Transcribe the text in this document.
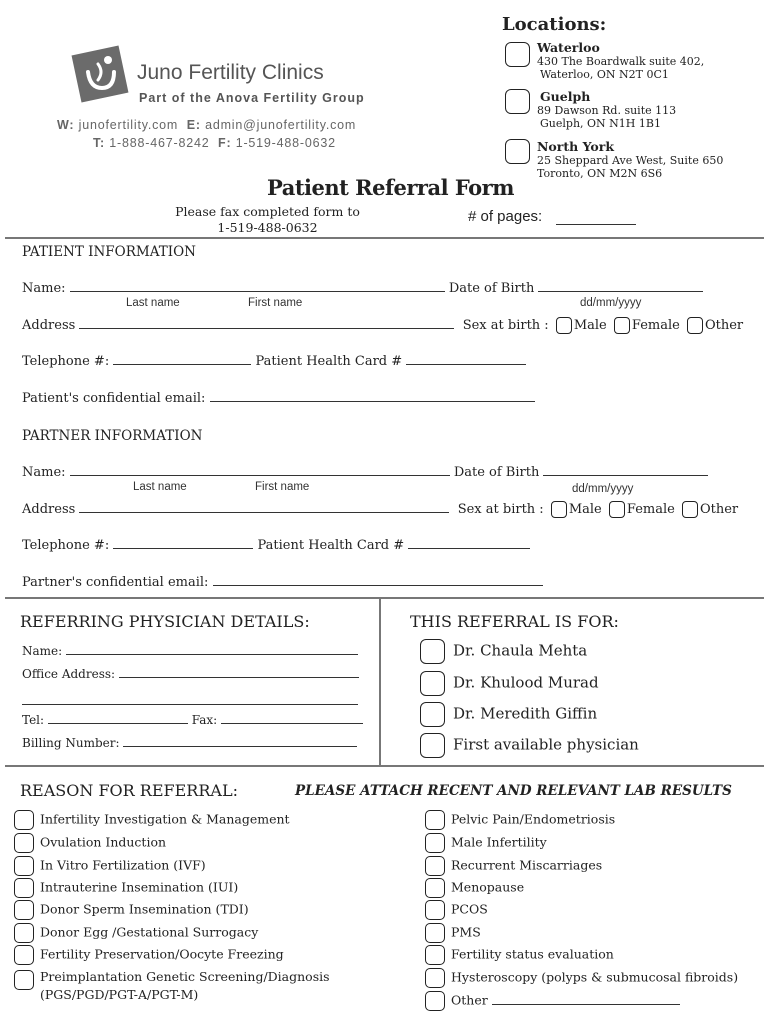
Juno Fertility Clinics
Part of the Anova Fertility Group
W: junofertility.com E: admin@junofertility.com
T: 1-888-467-8242 F: 1-519-488-0632
Locations:
Waterloo
430 The Boardwalk suite 402,
Waterloo, ON N2T 0C1
Guelph
89 Dawson Rd. suite 113
Guelph, ON N1H 1B1
North York
25 Sheppard Ave West, Suite 650
Toronto, ON M2N 6S6
Patient Referral Form
Please fax completed form to
1-519-488-0632
# of pages:
PATIENT INFORMATION
Name:	Date of Birth
Last name	First name	dd/mm/yyyy
Address	Sex at birth : Male Female Other
Telephone #:	Patient Health Card #
Patient's confidential email:
PARTNER INFORMATION
Name:	Date of Birth
Last name	First name	dd/mm/yyyy
Address	Sex at birth : Male Female Other
Telephone #:	Patient Health Card #
Partner's confidential email:
REFERRING PHYSICIAN DETAILS:
Name:
Office Address:
Tel:	Fax:
Billing Number:
THIS REFERRAL IS FOR:
Dr. Chaula Mehta
Dr. Khulood Murad
Dr. Meredith Giffin
First available physician
REASON FOR REFERRAL:	PLEASE ATTACH RECENT AND RELEVANT LAB RESULTS
Infertility Investigation & Management
Ovulation Induction
In Vitro Fertilization (IVF)
Intrauterine Insemination (IUI)
Donor Sperm Insemination (TDI)
Donor Egg /Gestational Surrogacy
Fertility Preservation/Oocyte Freezing
Preimplantation Genetic Screening/Diagnosis
(PGS/PGD/PGT-A/PGT-M)
Pelvic Pain/Endometriosis
Male Infertility
Recurrent Miscarriages
Menopause
PCOS
PMS
Fertility status evaluation
Hysteroscopy (polyps & submucosal fibroids)
Other
